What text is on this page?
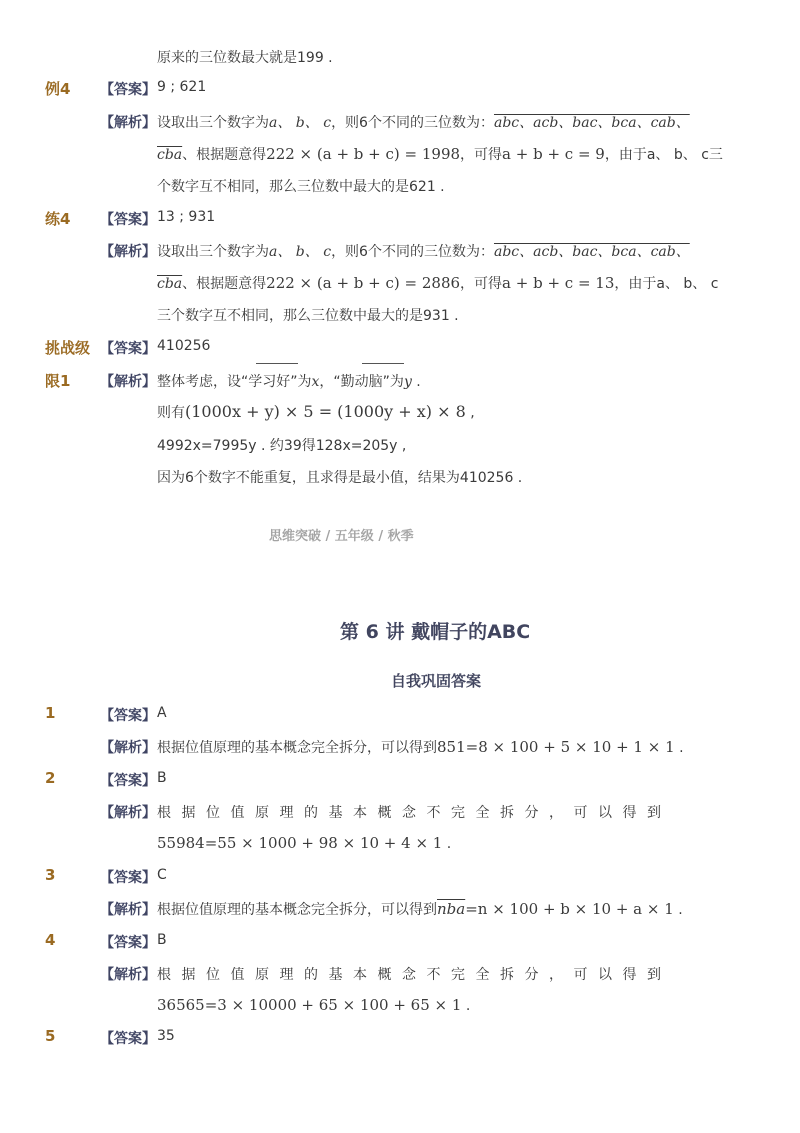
原来的三位数最大就是199 .
例4 【答案】 9 ; 621
【解析】 设取出三个数字为a、 b、 c，则6个不同的三位数为：abc、acb、bac、bca、cab、
$\overline{cba}$、根据题意得222 × (a + b + c) = 1998，可得a + b + c = 9，由于a、 b、 c三
个数字互不相同，那么三位数中最大的是621 .
练4 【答案】 13 ; 931
【解析】 设取出三个数字为a、 b、 c，则6个不同的三位数为：abc、acb、bac、bca、cab、
$\overline{cba}$、根据题意得222 × (a + b + c) = 2886，可得a + b + c = 13，由于a、 b、 c
三个数字互不相同，那么三位数中最大的是931 .
挑战级 【答案】 410256
限1 【解析】 整体考虑，设“学习好”为x，“勤动脑”为y .
则有(1000x + y) × 5 = (1000y + x) × 8 ,
4992x=7995y . 约39得128x=205y ,
因为6个数字不能重复，且求得是最小值，结果为410256 .
思维突破 / 五年级 / 秋季
第 6 讲 戴帽子的ABC
自我巩固答案
1	【答案】 A
【解析】 根据位值原理的基本概念完全拆分，可以得到851=8 × 100 + 5 × 10 + 1 × 1 .
2	【答案】 B
【解析】 根据位值原理的基本概念不完全拆分，可以得到
55984=55 × 1000 + 98 × 10 + 4 × 1 .
3	【答案】 C
【解析】 根据位值原理的基本概念完全拆分，可以得到$\overline{nba}=n \times 100 + b \times 10 + a \times 1$ .
4	【答案】 B
【解析】 根据位值原理的基本概念不完全拆分，可以得到
36565=3 × 10000 + 65 × 100 + 65 × 1 .
5	【答案】 35
